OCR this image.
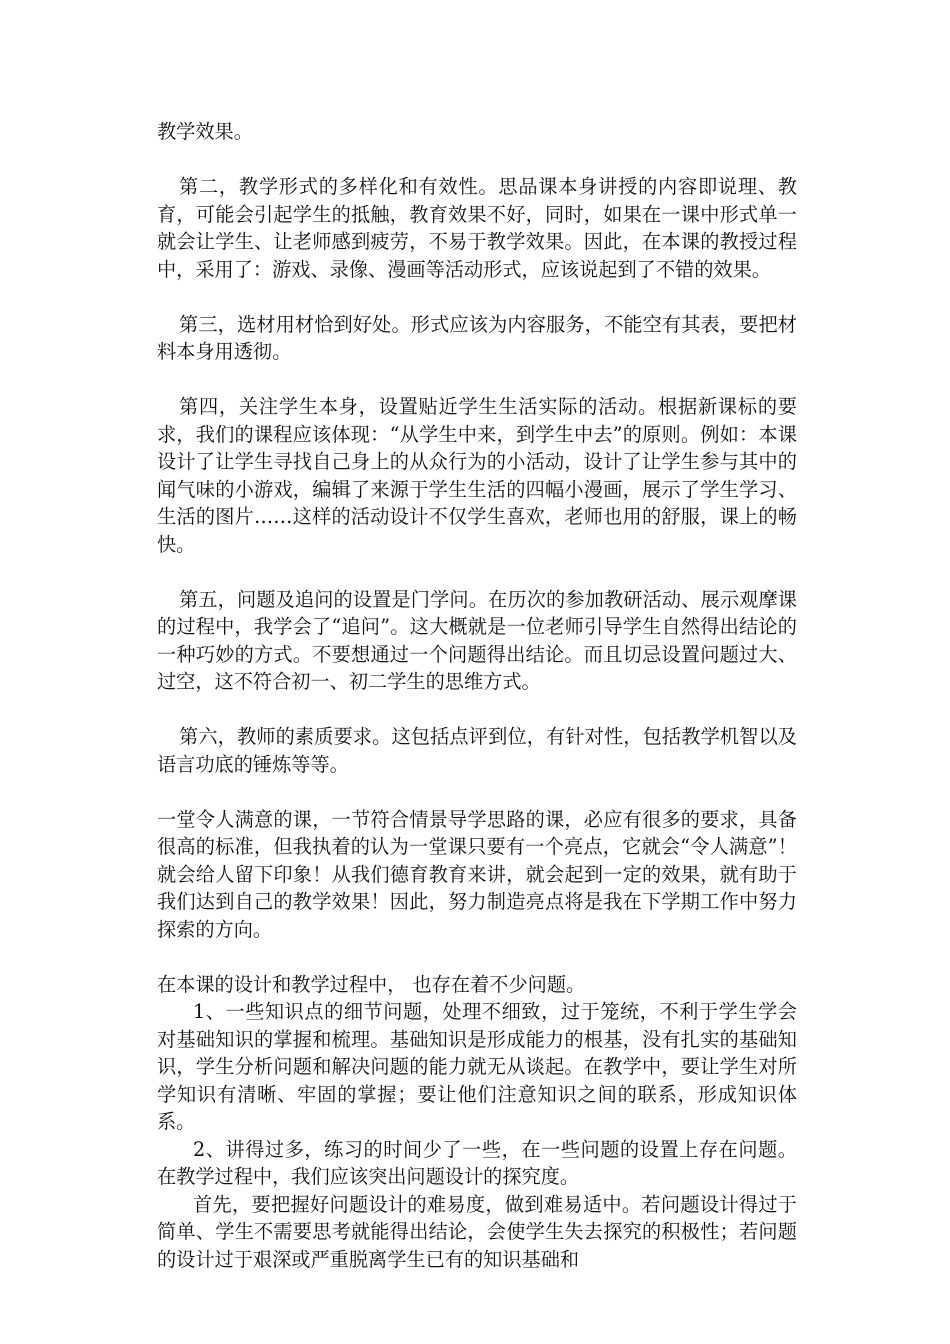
教学效果。

第二，教学形式的多样化和有效性。思品课本身讲授的内容即说理、教育，可能会引起学生的抵触，教育效果不好，同时，如果在一课中形式单一就会让学生、让老师感到疲劳，不易于教学效果。因此，在本课的教授过程中，采用了：游戏、录像、漫画等活动形式，应该说起到了不错的效果。

第三，选材用材恰到好处。形式应该为内容服务，不能空有其表，要把材料本身用透彻。

第四，关注学生本身，设置贴近学生生活实际的活动。根据新课标的要求，我们的课程应该体现：“从学生中来，到学生中去”的原则。例如：本课设计了让学生寻找自己身上的从众行为的小活动，设计了让学生参与其中的闻气味的小游戏，编辑了来源于学生生活的四幅小漫画，展示了学生学习、生活的图片……这样的活动设计不仅学生喜欢，老师也用的舒服，课上的畅快。

第五，问题及追问的设置是门学问。在历次的参加教研活动、展示观摩课的过程中，我学会了“追问”。这大概就是一位老师引导学生自然得出结论的一种巧妙的方式。不要想通过一个问题得出结论。而且切忌设置问题过大、过空，这不符合初一、初二学生的思维方式。

第六，教师的素质要求。这包括点评到位，有针对性，包括教学机智以及语言功底的锤炼等等。

一堂令人满意的课，一节符合情景导学思路的课，必应有很多的要求，具备很高的标准，但我执着的认为一堂课只要有一个亮点，它就会“令人满意”！就会给人留下印象！从我们德育教育来讲，就会起到一定的效果，就有助于我们达到自己的教学效果！因此，努力制造亮点将是我在下学期工作中努力探索的方向。

在本课的设计和教学过程中， 也存在着不少问题。

1、一些知识点的细节问题，处理不细致，过于笼统，不利于学生学会对基础知识的掌握和梳理。基础知识是形成能力的根基，没有扎实的基础知识，学生分析问题和解决问题的能力就无从谈起。在教学中，要让学生对所学知识有清晰、牢固的掌握；要让他们注意知识之间的联系，形成知识体系。

2、讲得过多，练习的时间少了一些，在一些问题的设置上存在问题。在教学过程中，我们应该突出问题设计的探究度。

首先，要把握好问题设计的难易度，做到难易适中。若问题设计得过于简单、学生不需要思考就能得出结论，会使学生失去探究的积极性；若问题的设计过于艰深或严重脱离学生已有的知识基础和
